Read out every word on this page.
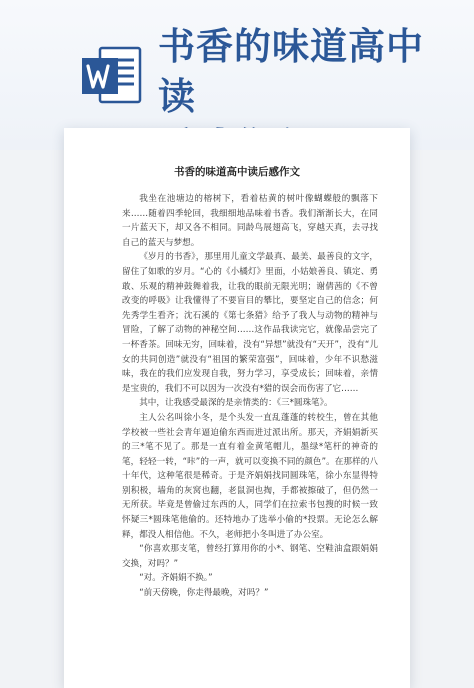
书香的味道高中读
书香的味道高中读后感作文

我坐在池塘边的榕树下，看着枯黄的树叶像蝴蝶般的飘落下来……随着四季轮回，我细细地品味着书香。我们渐渐长大，在同一片蓝天下，却又各不相同。同龄鸟展翅高飞，穿越天真，去寻找自己的蓝天与梦想。

《岁月的书香》，那里用儿童文学最真、最美、最善良的文字，留住了如歌的岁月。“心的《小橘灯》里面，小姑娘善良、镇定、勇敢、乐观的精神鼓舞着我，让我的眼前无限光明；谢倩茜的《不曾改变的呼吸》让我懂得了不要盲目的攀比，要坚定自己的信念；何先秀学生看齐；沈石溪的《第七条猎》给予了我人与动物的精神与冒险，了解了动物的神秘空间……这作品我读完它，就像品尝完了一杯香茶。回味无穷，回味着，没有“异想”就没有“天开”，没有“儿女的共同创造”就没有“祖国的繁荣富强”，回味着，少年不识愁滋味，我在的我们应发现自我，努力学习，享受成长；回味着，亲情是宝贵的，我们不可以因为一次没有*猎的误会而伤害了它……

其中，让我感受最深的是亲情类的：《三*圆珠笔》。

主人公名叫徐小冬，是个头发一直乱蓬蓬的转校生，曾在其他学校被一些社会青年逼迫偷东西而进过派出所。那天，齐娟娟新买的三*笔不见了。那是一直有着金黄笔帽儿，墨绿*笔杆的神奇的笔，轻轻一转，“咔”的一声，就可以变换不同的颜色”。在那样的八十年代，这种笔很是稀奇。于是齐娟娟找同圆珠笔，徐小东显得特别积极，墙角的灰窝也翻，老鼠洞也掏，手都被擦破了，但仍然一无所获。毕竟是曾偷过东西的人，同学们在拉索书包搜的时候一致怀疑三*圆珠笔他偷的。还特地办了选举小偷的*投票。无论怎么解释，都没人相信他。不久，老师把小冬叫进了办公室。

“你喜欢那支笔，曾经打算用你的小*、钢笔、空鞋油盒跟娟娟交换，对吗？”

“对。齐娟娟不换。”

“前天傍晚，你走得最晚，对吗？”
